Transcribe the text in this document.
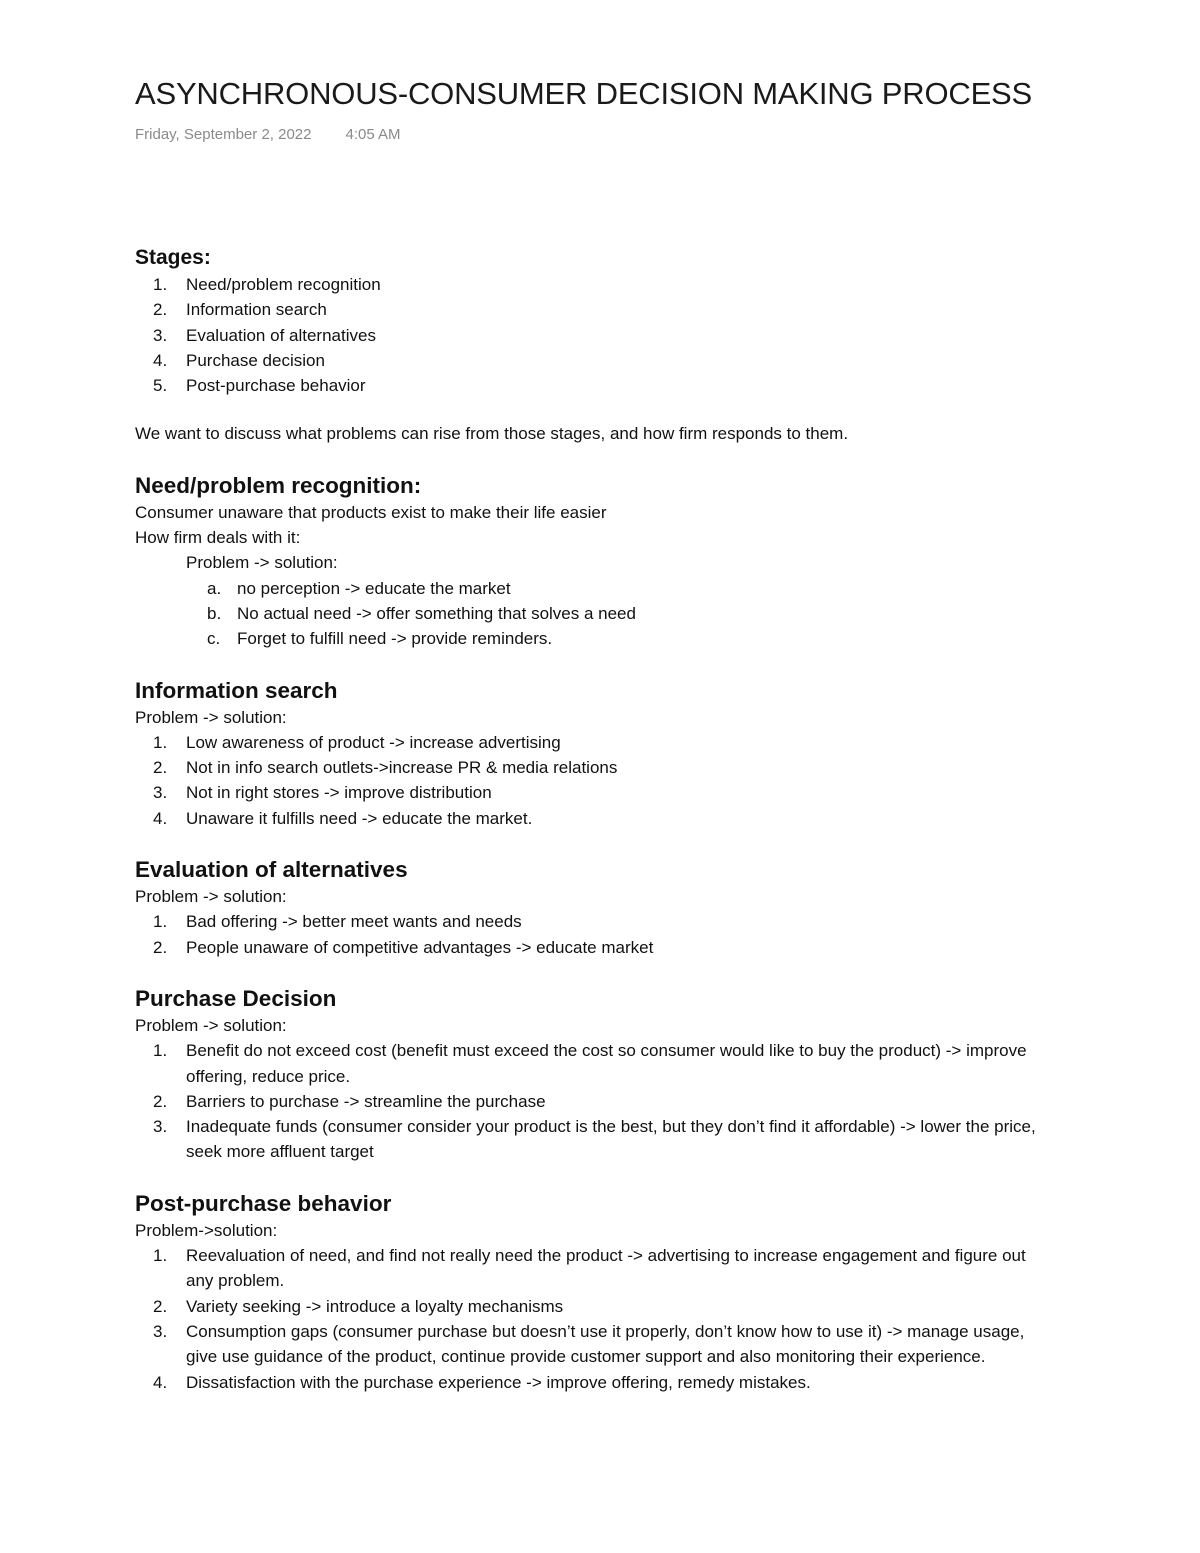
ASYNCHRONOUS-CONSUMER DECISION MAKING PROCESS
Friday, September 2, 2022 4:05 AM
Stages:
1.	Need/problem recognition
2.	Information search
3.	Evaluation of alternatives
4.	Purchase decision
5.	Post-purchase behavior
We want to discuss what problems can rise from those stages, and how firm responds to them.
Need/problem recognition:
Consumer unaware that products exist to make their life easier
How firm deals with it:
Problem -> solution:
a. no perception -> educate the market
b. No actual need -> offer something that solves a need
c. Forget to fulfill need -> provide reminders.
Information search
Problem -> solution:
1.	Low awareness of product -> increase advertising
2.	Not in info search outlets->increase PR & media relations
3.	Not in right stores -> improve distribution
4.	Unaware it fulfills need -> educate the market.
Evaluation of alternatives
Problem -> solution:
1.	Bad offering -> better meet wants and needs
2.	People unaware of competitive advantages -> educate market
Purchase Decision
Problem -> solution:
1.	Benefit do not exceed cost (benefit must exceed the cost so consumer would like to buy the product) -> improve offering, reduce price.
2.	Barriers to purchase -> streamline the purchase
3.	Inadequate funds (consumer consider your product is the best, but they don’t find it affordable) -> lower the price, seek more affluent target
Post-purchase behavior
Problem->solution:
1.	Reevaluation of need, and find not really need the product -> advertising to increase engagement and figure out any problem.
2.	Variety seeking -> introduce a loyalty mechanisms
3.	Consumption gaps (consumer purchase but doesn’t use it properly, don’t know how to use it) -> manage usage, give use guidance of the product, continue provide customer support and also monitoring their experience.
4.	Dissatisfaction with the purchase experience -> improve offering, remedy mistakes.
